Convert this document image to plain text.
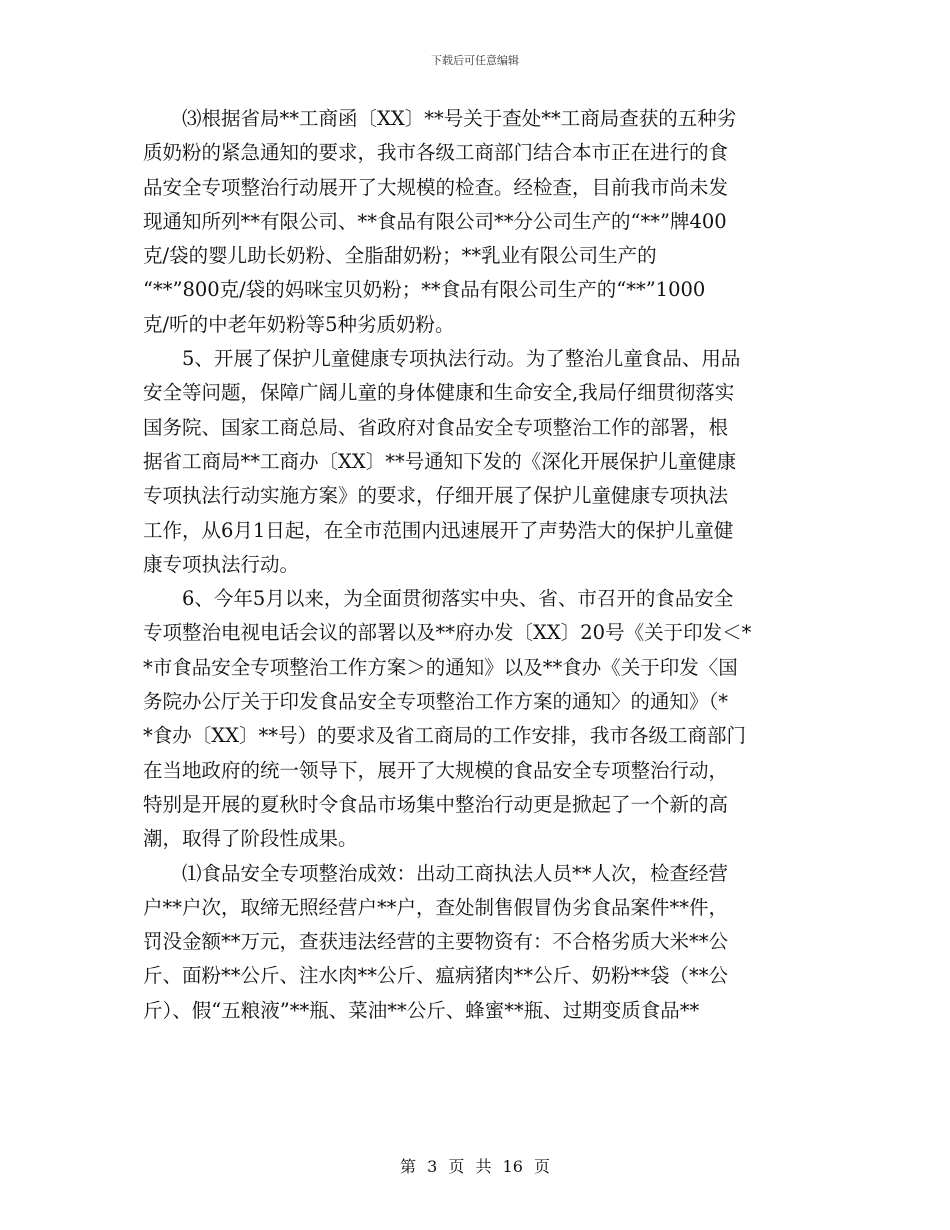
下载后可任意编辑

　　⑶根据省局**工商函〔XX〕**号关于查处**工商局查获的五种劣
质奶粉的紧急通知的要求，我市各级工商部门结合本市正在进行的食
品安全专项整治行动展开了大规模的检查。经检查，目前我市尚未发
现通知所列**有限公司、**食品有限公司**分公司生产的“**”牌400
克/袋的婴儿助长奶粉、全脂甜奶粉；**乳业有限公司生产的
“**”800克/袋的妈咪宝贝奶粉；**食品有限公司生产的“**”1000
克/听的中老年奶粉等5种劣质奶粉。

　　5、开展了保护儿童健康专项执法行动。为了整治儿童食品、用品
安全等问题，保障广阔儿童的身体健康和生命安全,我局仔细贯彻落实
国务院、国家工商总局、省政府对食品安全专项整治工作的部署，根
据省工商局**工商办〔XX〕**号通知下发的《深化开展保护儿童健康
专项执法行动实施方案》的要求，仔细开展了保护儿童健康专项执法
工作，从6月1日起，在全市范围内迅速展开了声势浩大的保护儿童健
康专项执法行动。

　　6、今年5月以来，为全面贯彻落实中央、省、市召开的食品安全
专项整治电视电话会议的部署以及**府办发〔XX〕20号《关于印发＜*
*市食品安全专项整治工作方案＞的通知》以及**食办《关于印发〈国
务院办公厅关于印发食品安全专项整治工作方案的通知〉的通知》（*
*食办〔XX〕**号）的要求及省工商局的工作安排，我市各级工商部门
在当地政府的统一领导下，展开了大规模的食品安全专项整治行动，
特别是开展的夏秋时令食品市场集中整治行动更是掀起了一个新的高
潮，取得了阶段性成果。

　　⑴食品安全专项整治成效：出动工商执法人员**人次，检查经营
户**户次，取缔无照经营户**户，查处制售假冒伪劣食品案件**件，
罚没金额**万元，查获违法经营的主要物资有：不合格劣质大米**公
斤、面粉**公斤、注水肉**公斤、瘟病猪肉**公斤、奶粉**袋（**公
斤）、假“五粮液”**瓶、菜油**公斤、蜂蜜**瓶、过期变质食品**

第 3 页 共 16 页
